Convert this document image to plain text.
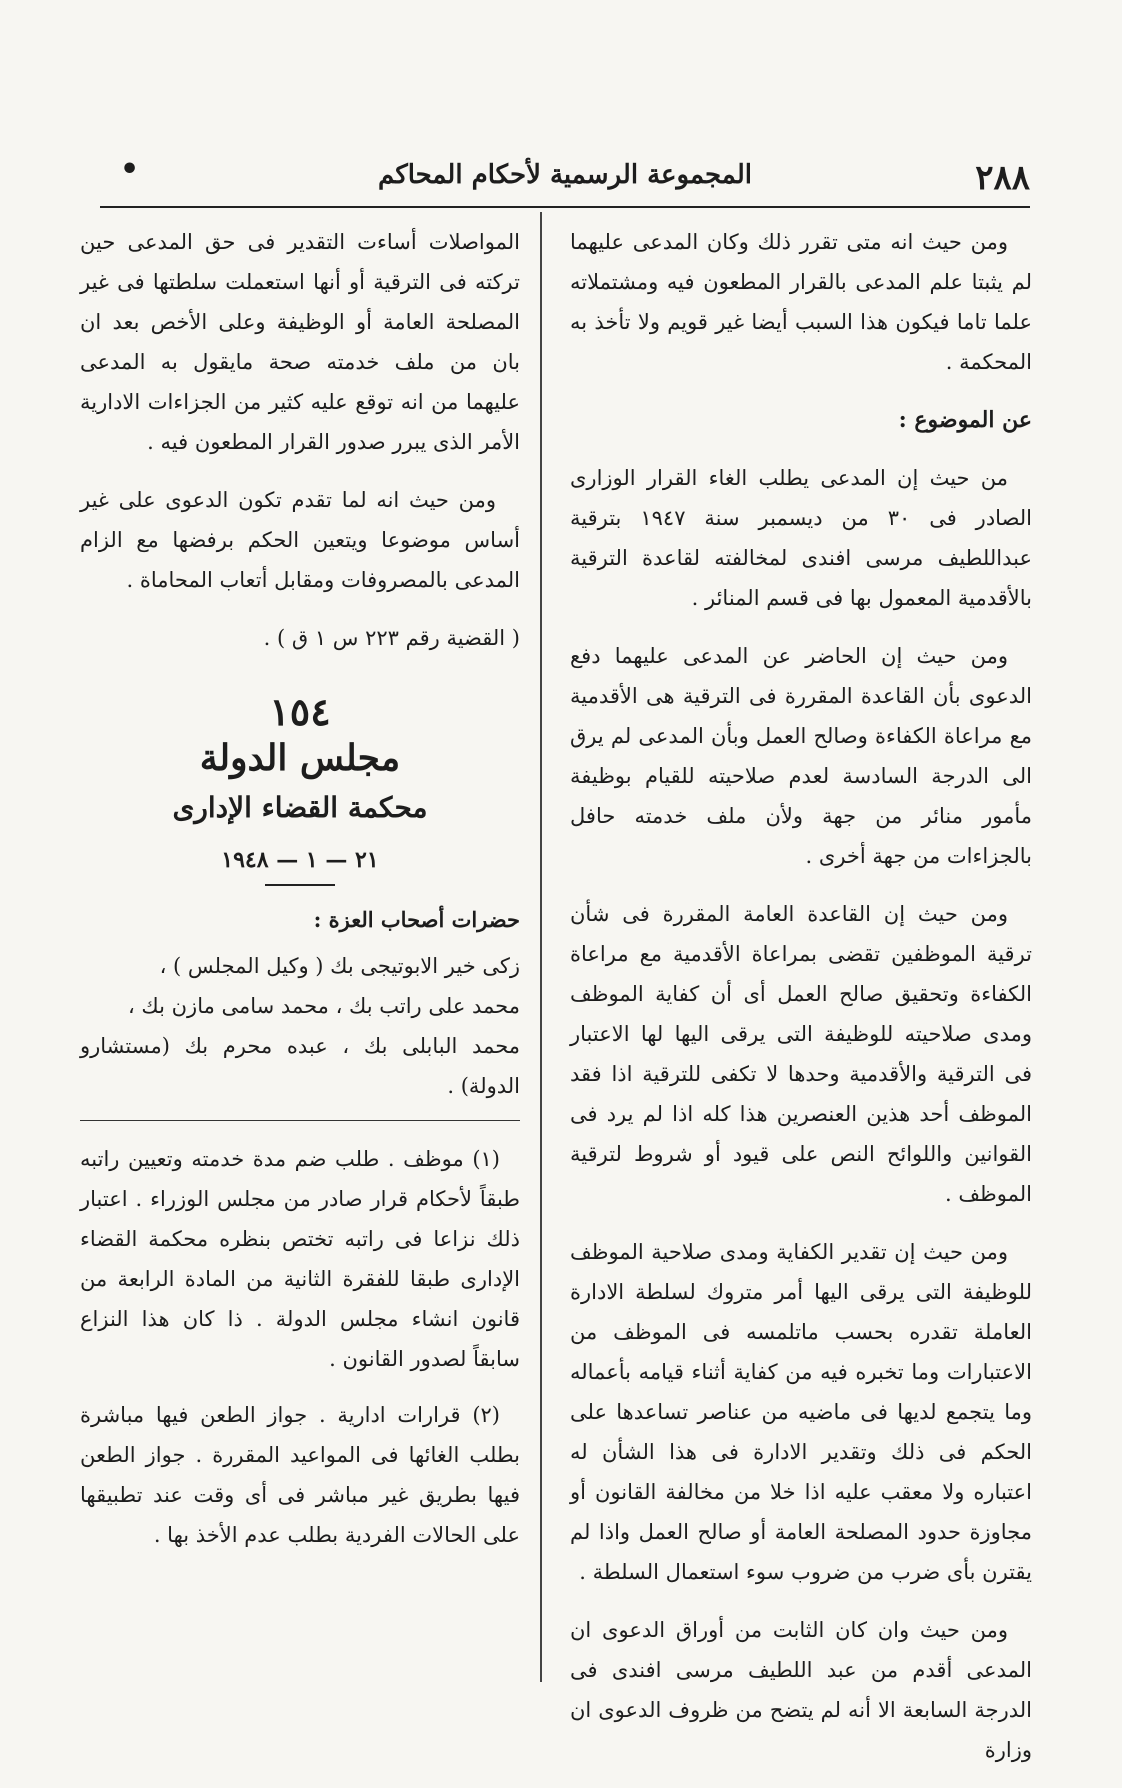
٢٨٨
المجموعة الرسمية لأحكام المحاكم
•

ومن حيث انه متى تقرر ذلك وكان المدعى عليهما لم يثبتا علم المدعى بالقرار المطعون فيه ومشتملاته علما تاما فيكون هذا السبب أيضا غير قويم ولا تأخذ به المحكمة .

عن الموضوع :

من حيث إن المدعى يطلب الغاء القرار الوزارى الصادر فى ٣٠ من ديسمبر سنة ١٩٤٧ بترقية عبداللطيف مرسى افندى لمخالفته لقاعدة الترقية بالأقدمية المعمول بها فى قسم المنائر .

ومن حيث إن الحاضر عن المدعى عليهما دفع الدعوى بأن القاعدة المقررة فى الترقية هى الأقدمية مع مراعاة الكفاءة وصالح العمل وبأن المدعى لم يرق الى الدرجة السادسة لعدم صلاحيته للقيام بوظيفة مأمور منائر من جهة ولأن ملف خدمته حافل بالجزاءات من جهة أخرى .

ومن حيث إن القاعدة العامة المقررة فى شأن ترقية الموظفين تقضى بمراعاة الأقدمية مع مراعاة الكفاءة وتحقيق صالح العمل أى أن كفاية الموظف ومدى صلاحيته للوظيفة التى يرقى اليها لها الاعتبار فى الترقية والأقدمية وحدها لا تكفى للترقية اذا فقد الموظف أحد هذين العنصرين هذا كله اذا لم يرد فى القوانين واللوائح النص على قيود أو شروط لترقية الموظف .

ومن حيث إن تقدير الكفاية ومدى صلاحية الموظف للوظيفة التى يرقى اليها أمر متروك لسلطة الادارة العاملة تقدره بحسب ماتلمسه فى الموظف من الاعتبارات وما تخبره فيه من كفاية أثناء قيامه بأعماله وما يتجمع لديها فى ماضيه من عناصر تساعدها على الحكم فى ذلك وتقدير الادارة فى هذا الشأن له اعتباره ولا معقب عليه اذا خلا من مخالفة القانون أو مجاوزة حدود المصلحة العامة أو صالح العمل واذا لم يقترن بأى ضرب من ضروب سوء استعمال السلطة .

ومن حيث وان كان الثابت من أوراق الدعوى ان المدعى أقدم من عبد اللطيف مرسى افندى فى الدرجة السابعة الا أنه لم يتضح من ظروف الدعوى ان وزارة

المواصلات أساءت التقدير فى حق المدعى حين تركته فى الترقية أو أنها استعملت سلطتها فى غير المصلحة العامة أو الوظيفة وعلى الأخص بعد ان بان من ملف خدمته صحة مايقول به المدعى عليهما من انه توقع عليه كثير من الجزاءات الادارية الأمر الذى يبرر صدور القرار المطعون فيه .

ومن حيث انه لما تقدم تكون الدعوى على غير أساس موضوعا ويتعين الحكم برفضها مع الزام المدعى بالمصروفات ومقابل أتعاب المحاماة .

( القضية رقم ٢٢٣ س ١ ق ) .

١٥٤
مجلس الدولة
محكمة القضاء الإدارى
٢١ — ١ — ١٩٤٨

حضرات أصحاب العزة :

زكى خير الابوتيجى بك ( وكيل المجلس ) ،
محمد على راتب بك ، محمد سامى مازن بك ،
محمد البابلى بك ، عبده محرم بك (مستشارو الدولة) .

(١) موظف . طلب ضم مدة خدمته وتعيين راتبه طبقاً لأحكام قرار صادر من مجلس الوزراء . اعتبار ذلك نزاعا فى راتبه تختص بنظره محكمة القضاء الإدارى طبقا للفقرة الثانية من المادة الرابعة من قانون انشاء مجلس الدولة . ذا كان هذا النزاع سابقاً لصدور القانون .

(٢) قرارات ادارية . جواز الطعن فيها مباشرة بطلب الغائها فى المواعيد المقررة . جواز الطعن فيها بطريق غير مباشر فى أى وقت عند تطبيقها على الحالات الفردية بطلب عدم الأخذ بها .
